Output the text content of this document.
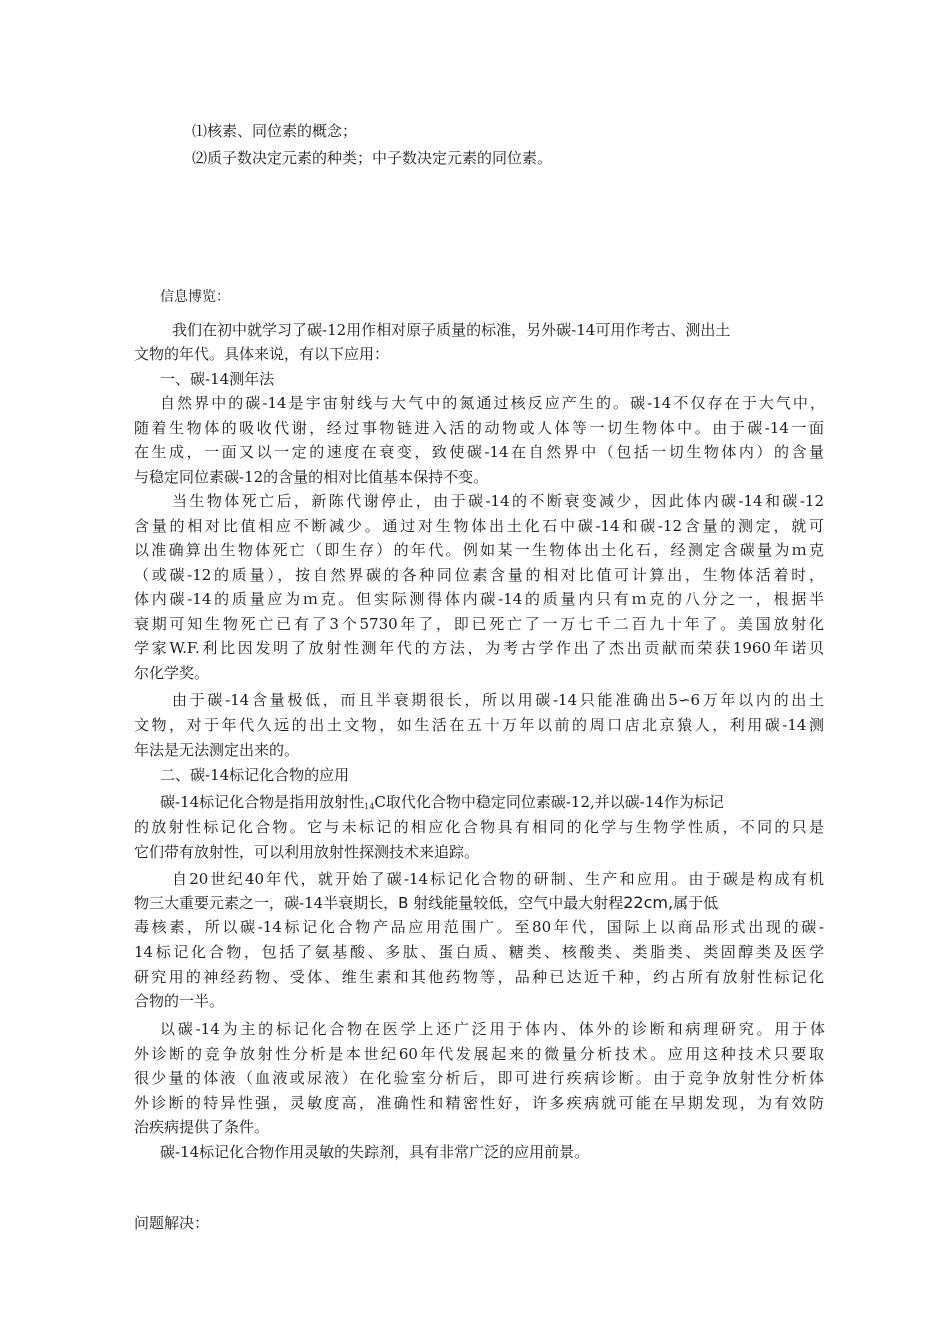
⑴核素、同位素的概念；
⑵质子数决定元素的种类；中子数决定元素的同位素。
信息博览：
我们在初中就学习了碳-12用作相对原子质量的标准，另外碳-14可用作考古、测出土
文物的年代。具体来说，有以下应用：
一、碳-14测年法
自然界中的碳-14是宇宙射线与大气中的氮通过核反应产生的。碳-14不仅存在于大气中，
随着生物体的吸收代谢，经过事物链进入活的动物或人体等一切生物体中。由于碳-14一面
在生成，一面又以一定的速度在衰变，致使碳-14在自然界中（包括一切生物体内）的含量
与稳定同位素碳-12的含量的相对比值基本保持不变。
当生物体死亡后，新陈代谢停止，由于碳-14的不断衰变减少，因此体内碳-14和碳-12
含量的相对比值相应不断减少。通过对生物体出土化石中碳-14和碳-12含量的测定，就可
以准确算出生物体死亡（即生存）的年代。例如某一生物体出土化石，经测定含碳量为ｍ克
（或碳-12的质量），按自然界碳的各种同位素含量的相对比值可计算出，生物体活着时，
体内碳-14的质量应为ｍ克。但实际测得体内碳-14的质量内只有ｍ克的八分之一，根据半
衰期可知生物死亡已有了3个5730年了，即已死亡了一万七千二百九十年了。美国放射化
学家W.F.利比因发明了放射性测年代的方法，为考古学作出了杰出贡献而荣获1960年诺贝
尔化学奖。
由于碳-14含量极低，而且半衰期很长，所以用碳-14只能准确出5∽6万年以内的出土
文物，对于年代久远的出土文物，如生活在五十万年以前的周口店北京猿人，利用碳-14测
年法是无法测定出来的。
二、碳-14标记化合物的应用
碳-14标记化合物是指用放射性$_{14}$C取代化合物中稳定同位素碳-12,并以碳-14作为标记
的放射性标记化合物。它与未标记的相应化合物具有相同的化学与生物学性质，不同的只是
它们带有放射性，可以利用放射性探测技术来追踪。
自20世纪40年代，就开始了碳-14标记化合物的研制、生产和应用。由于碳是构成有机
物三大重要元素之一，碳-14半衰期长，B 射线能量较低，空气中最大射程22cm,属于低
毒核素，所以碳-14标记化合物产品应用范围广。至80年代，国际上以商品形式出现的碳-
14标记化合物，包括了氨基酸、多肽、蛋白质、糖类、核酸类、类脂类、类固醇类及医学
研究用的神经药物、受体、维生素和其他药物等，品种已达近千种，约占所有放射性标记化
合物的一半。
以碳-14为主的标记化合物在医学上还广泛用于体内、体外的诊断和病理研究。用于体
外诊断的竞争放射性分析是本世纪60年代发展起来的微量分析技术。应用这种技术只要取
很少量的体液（血液或尿液）在化验室分析后，即可进行疾病诊断。由于竞争放射性分析体
外诊断的特异性强，灵敏度高，准确性和精密性好，许多疾病就可能在早期发现，为有效防
治疾病提供了条件。
碳-14标记化合物作用灵敏的失踪剂，具有非常广泛的应用前景。
问题解决：
